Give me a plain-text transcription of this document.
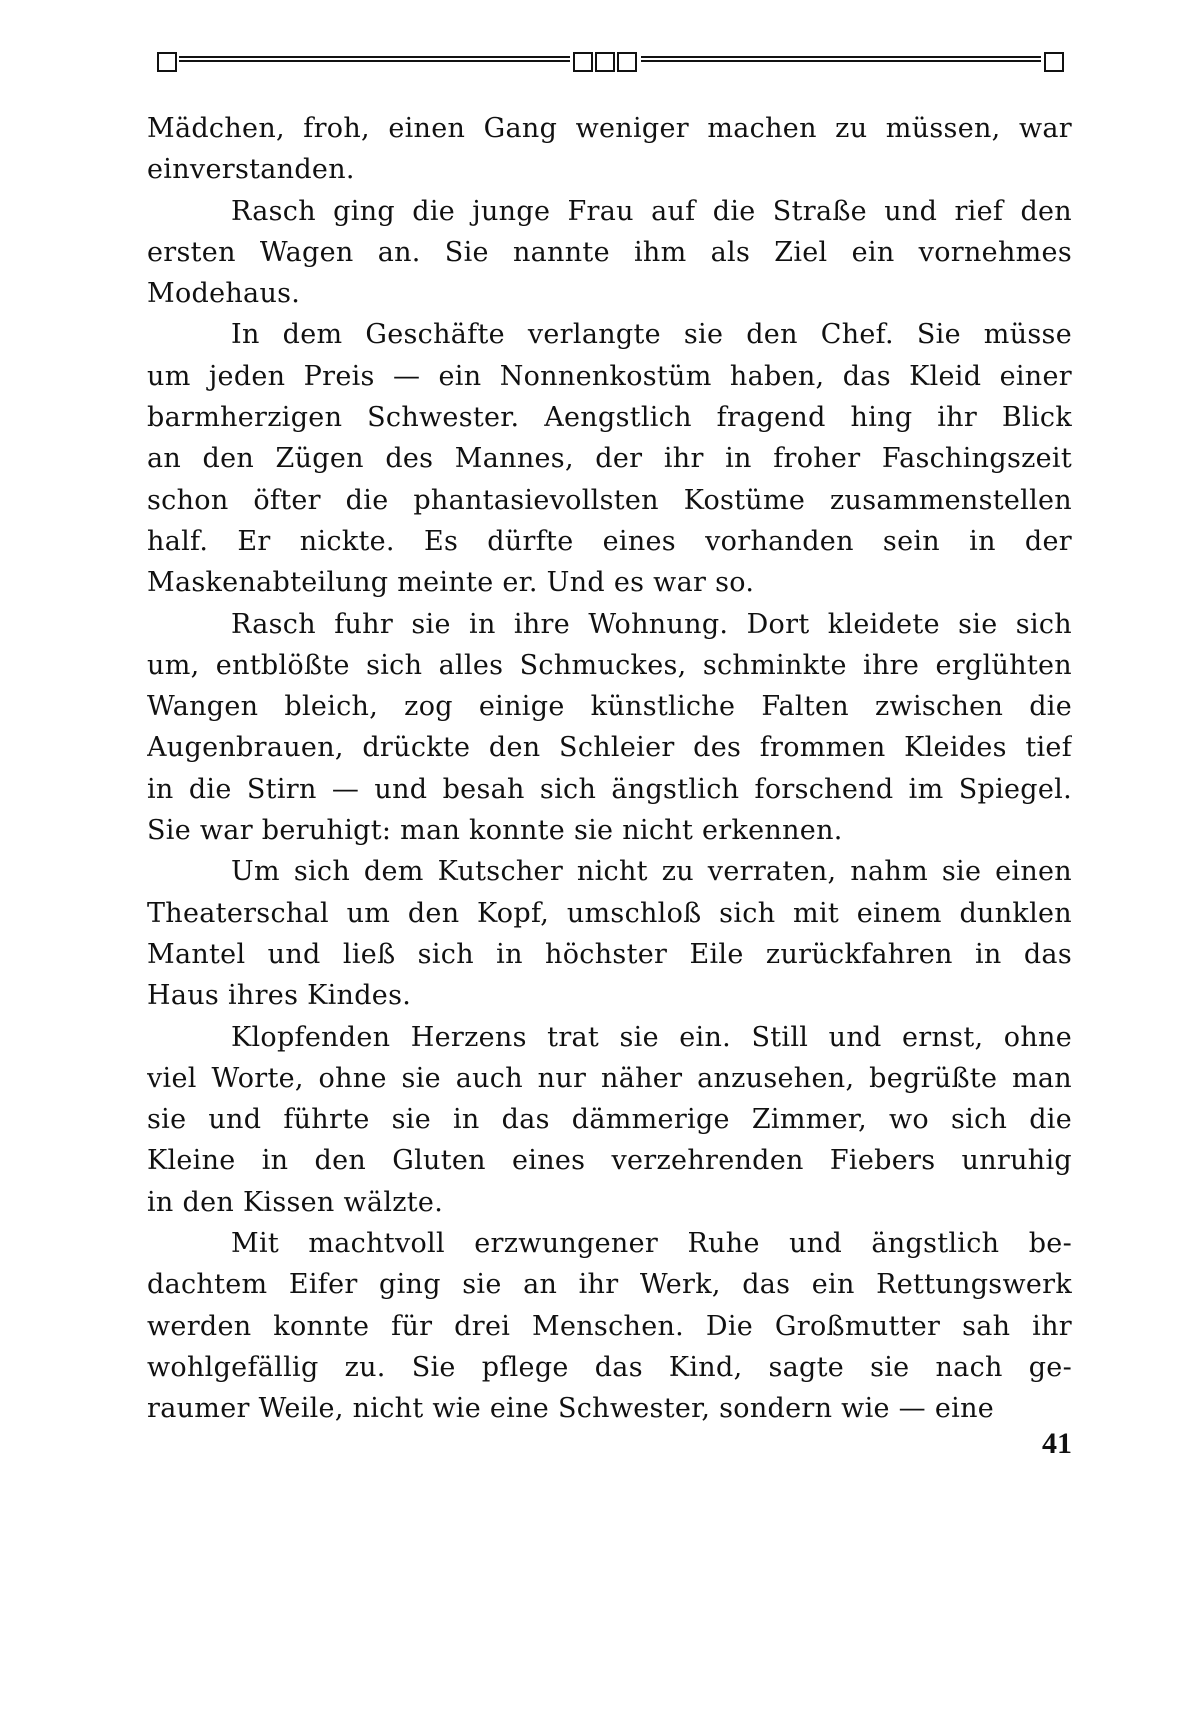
Mädchen, froh, einen Gang weniger machen zu müssen, war
einverstanden.
Rasch ging die junge Frau auf die Straße und rief den
ersten Wagen an. Sie nannte ihm als Ziel ein vornehmes
Modehaus.
In dem Geschäfte verlangte sie den Chef. Sie müsse
um jeden Preis — ein Nonnenkostüm haben, das Kleid einer
barmherzigen Schwester. Aengstlich fragend hing ihr Blick
an den Zügen des Mannes, der ihr in froher Faschingszeit
schon öfter die phantasievollsten Kostüme zusammenstellen
half. Er nickte. Es dürfte eines vorhanden sein in der
Maskenabteilung meinte er. Und es war so.
Rasch fuhr sie in ihre Wohnung. Dort kleidete sie sich
um, entblößte sich alles Schmuckes, schminkte ihre erglühten
Wangen bleich, zog einige künstliche Falten zwischen die
Augenbrauen, drückte den Schleier des frommen Kleides tief
in die Stirn — und besah sich ängstlich forschend im Spiegel.
Sie war beruhigt: man konnte sie nicht erkennen.
Um sich dem Kutscher nicht zu verraten, nahm sie einen
Theaterschal um den Kopf, umschloß sich mit einem dunklen
Mantel und ließ sich in höchster Eile zurückfahren in das
Haus ihres Kindes.
Klopfenden Herzens trat sie ein. Still und ernst, ohne
viel Worte, ohne sie auch nur näher anzusehen, begrüßte man
sie und führte sie in das dämmerige Zimmer, wo sich die
Kleine in den Gluten eines verzehrenden Fiebers unruhig
in den Kissen wälzte.
Mit machtvoll erzwungener Ruhe und ängstlich be-
dachtem Eifer ging sie an ihr Werk, das ein Rettungswerk
werden konnte für drei Menschen. Die Großmutter sah ihr
wohlgefällig zu. Sie pflege das Kind, sagte sie nach ge-
raumer Weile, nicht wie eine Schwester, sondern wie — eine
41
